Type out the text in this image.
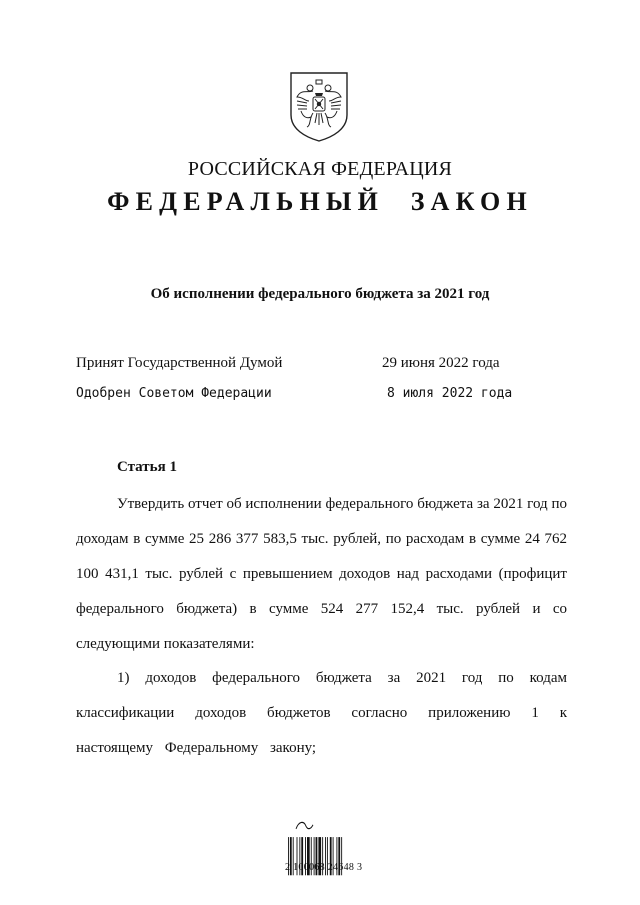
РОССИЙСКАЯ ФЕДЕРАЦИЯ
ФЕДЕРАЛЬНЫЙ ЗАКОН
Об исполнении федерального бюджета за 2021 год
Принят Государственной Думой	29 июня 2022 года
Одобрен Советом Федерации	8 июля 2022 года
Статья 1
Утвердить отчет об исполнении федерального бюджета за 2021 год по доходам в сумме 25 286 377 583,5 тыс. рублей, по расходам в сумме 24 762 100 431,1 тыс. рублей с превышением доходов над расходами (профицит федерального бюджета) в сумме 524 277 152,4 тыс. рублей и со следующими показателями:
1) доходов федерального бюджета за 2021 год по кодам классификации доходов бюджетов согласно приложению 1 к настоящему Федеральному закону;
2 100068 24648 3
